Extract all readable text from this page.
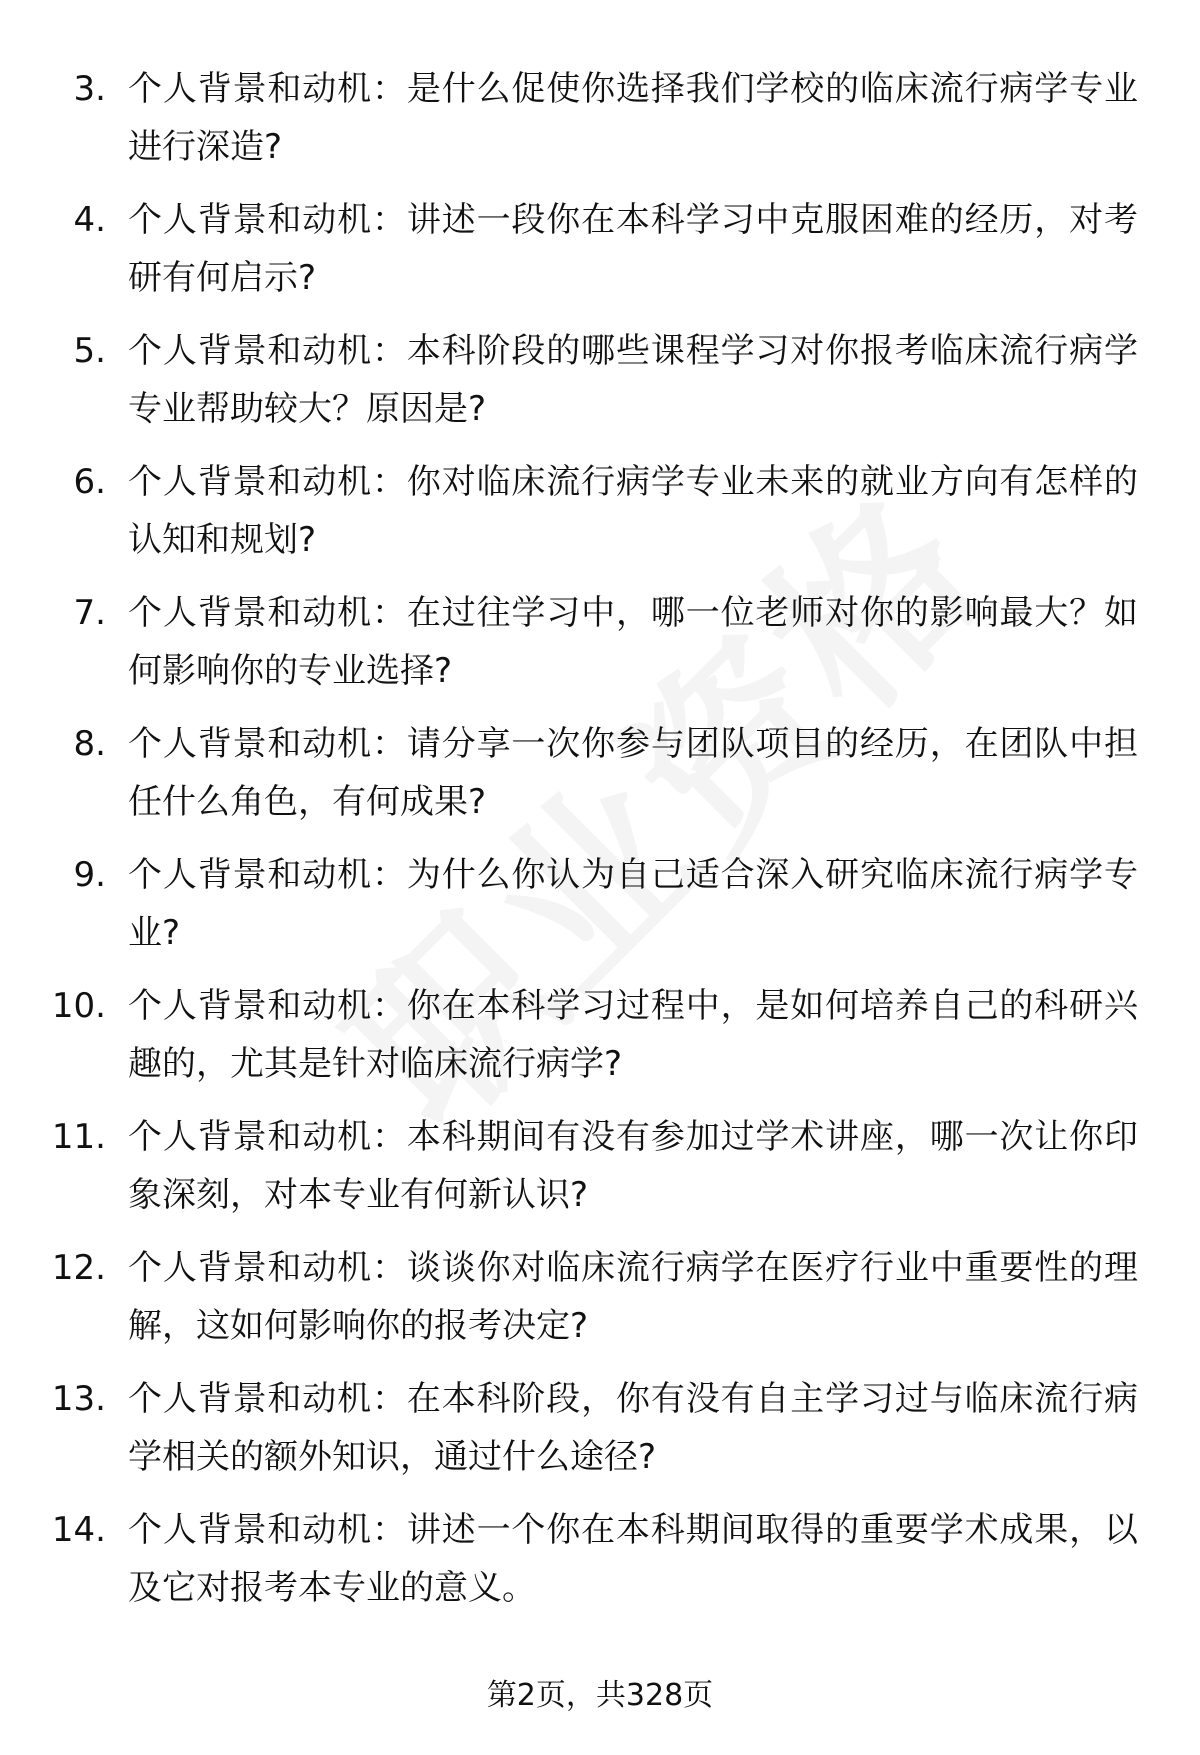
3. 个人背景和动机：是什么促使你选择我们学校的临床流行病学专业进行深造?
4. 个人背景和动机：讲述一段你在本科学习中克服困难的经历，对考研有何启示?
5. 个人背景和动机：本科阶段的哪些课程学习对你报考临床流行病学专业帮助较大？原因是?
6. 个人背景和动机：你对临床流行病学专业未来的就业方向有怎样的认知和规划?
7. 个人背景和动机：在过往学习中，哪一位老师对你的影响最大？如何影响你的专业选择?
8. 个人背景和动机：请分享一次你参与团队项目的经历，在团队中担任什么角色，有何成果?
9. 个人背景和动机：为什么你认为自己适合深入研究临床流行病学专业?
10. 个人背景和动机：你在本科学习过程中，是如何培养自己的科研兴趣的，尤其是针对临床流行病学?
11. 个人背景和动机：本科期间有没有参加过学术讲座，哪一次让你印象深刻，对本专业有何新认识?
12. 个人背景和动机：谈谈你对临床流行病学在医疗行业中重要性的理解，这如何影响你的报考决定?
13. 个人背景和动机：在本科阶段，你有没有自主学习过与临床流行病学相关的额外知识，通过什么途径?
14. 个人背景和动机：讲述一个你在本科期间取得的重要学术成果，以及它对报考本专业的意义。
第2页，共328页
